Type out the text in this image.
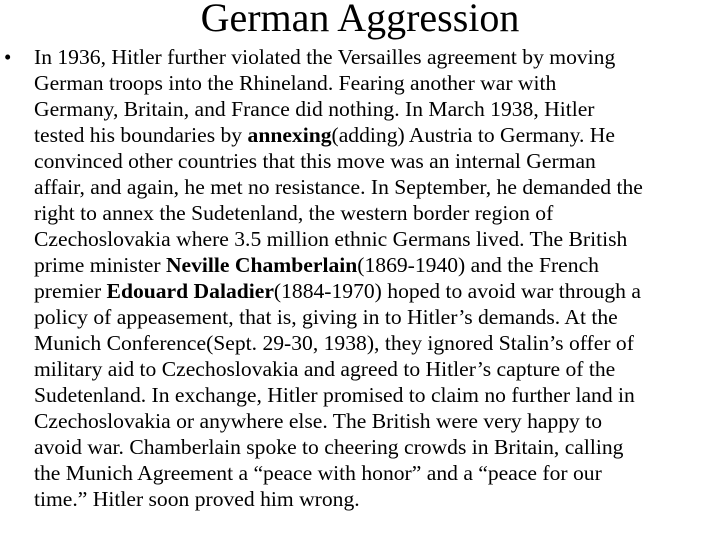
German Aggression
• In 1936, Hitler further violated the Versailles agreement by moving
German troops into the Rhineland. Fearing another war with
Germany, Britain, and France did nothing. In March 1938, Hitler
tested his boundaries by annexing(adding) Austria to Germany. He
convinced other countries that this move was an internal German
affair, and again, he met no resistance. In September, he demanded the
right to annex the Sudetenland, the western border region of
Czechoslovakia where 3.5 million ethnic Germans lived. The British
prime minister Neville Chamberlain(1869-1940) and the French
premier Edouard Daladier(1884-1970) hoped to avoid war through a
policy of appeasement, that is, giving in to Hitler’s demands. At the
Munich Conference(Sept. 29-30, 1938), they ignored Stalin’s offer of
military aid to Czechoslovakia and agreed to Hitler’s capture of the
Sudetenland. In exchange, Hitler promised to claim no further land in
Czechoslovakia or anywhere else. The British were very happy to
avoid war. Chamberlain spoke to cheering crowds in Britain, calling
the Munich Agreement a “peace with honor” and a “peace for our
time.” Hitler soon proved him wrong.
